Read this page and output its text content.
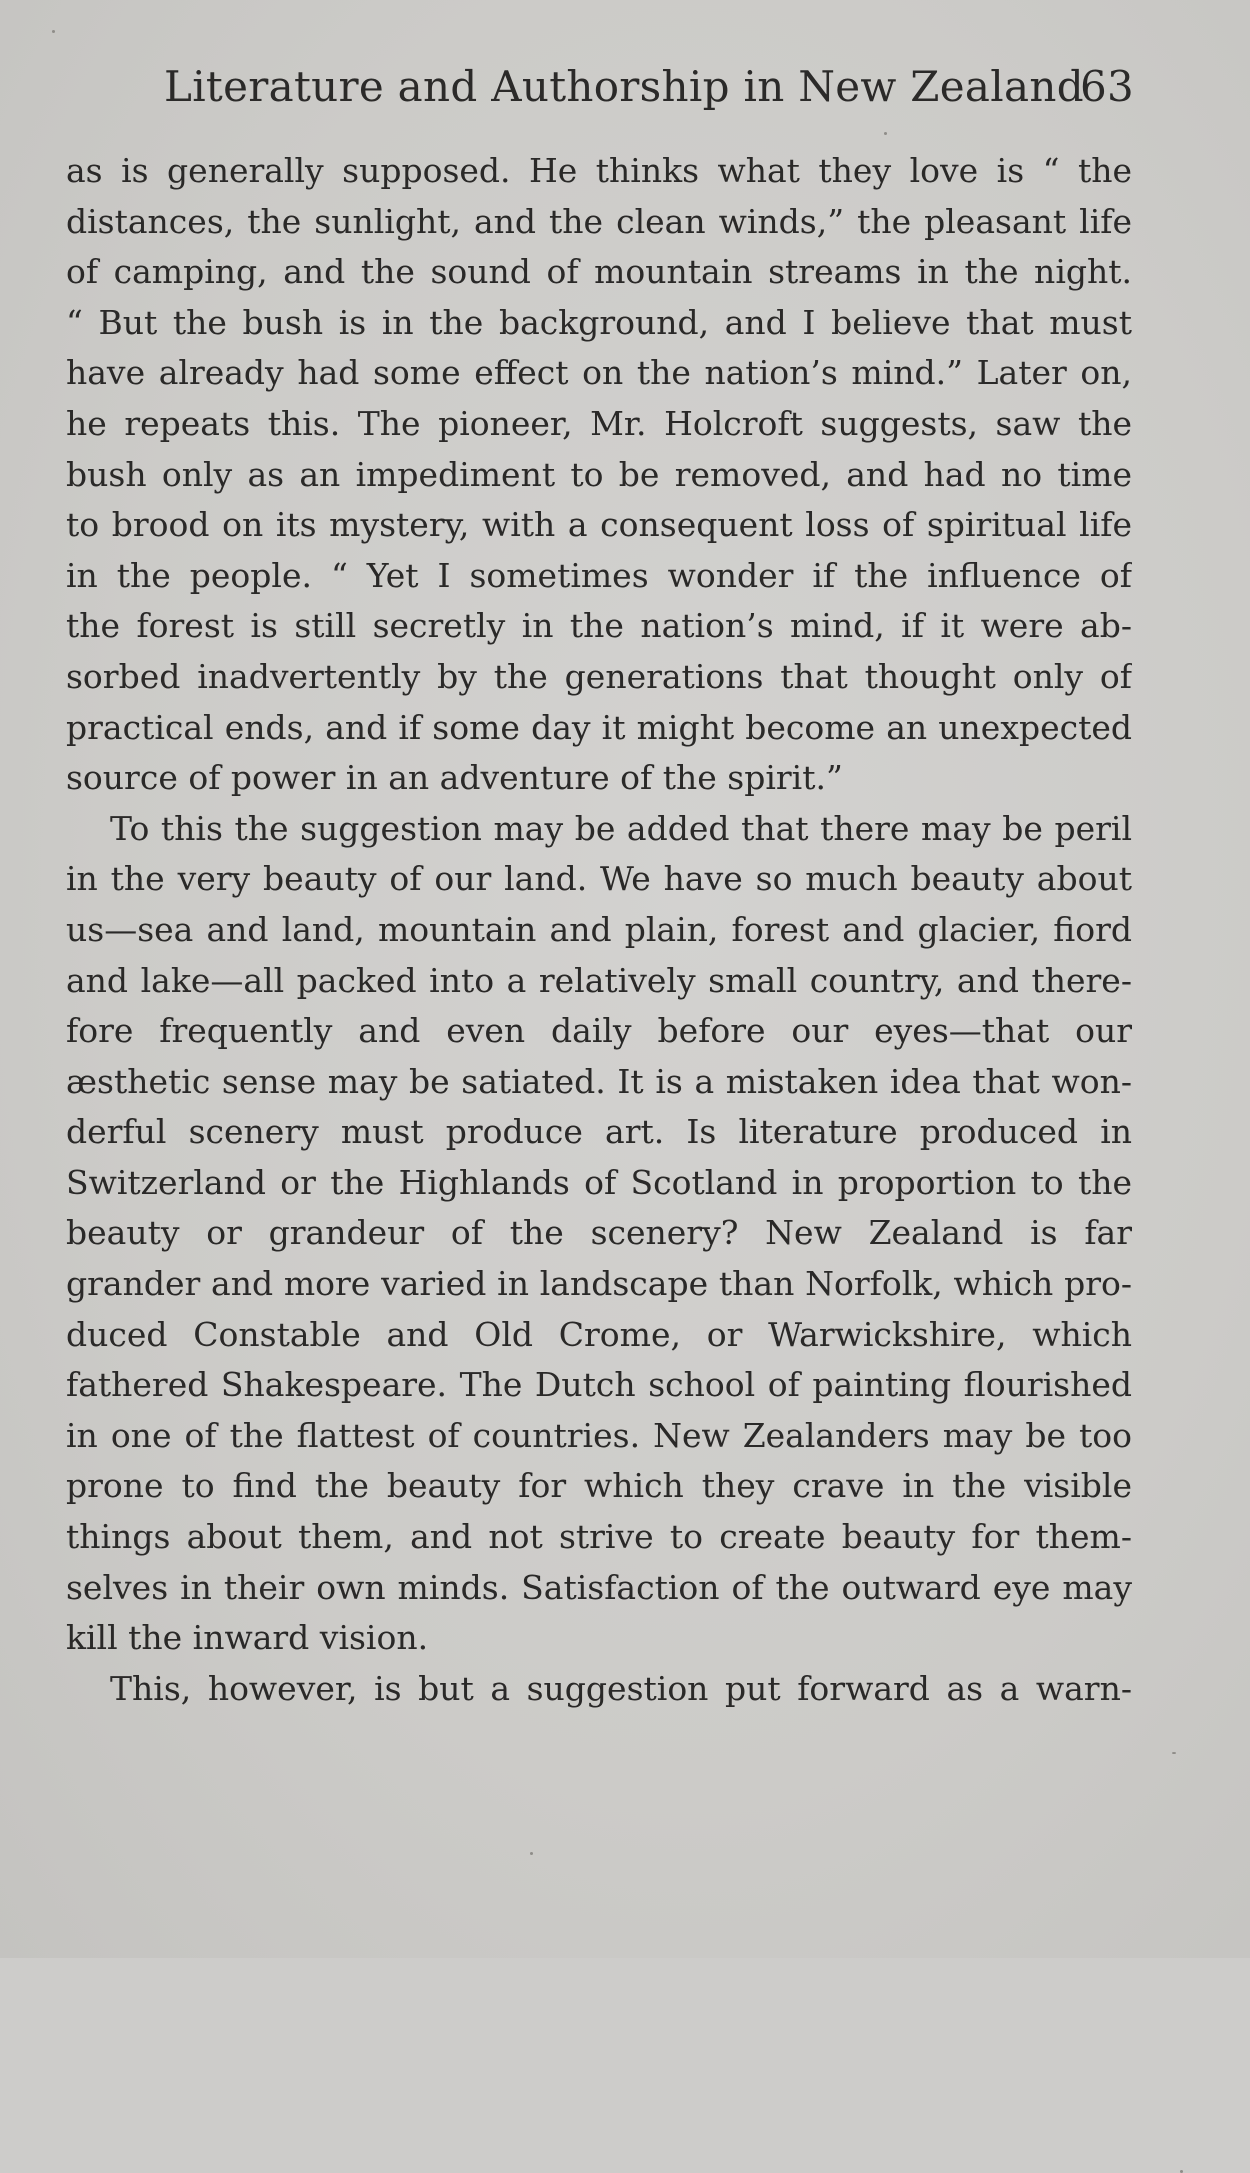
Literature and Authorship in New Zealand
63
as is generally supposed. He thinks what they love is “ the
distances, the sunlight, and the clean winds,” the pleasant life
of camping, and the sound of mountain streams in the night.
“ But the bush is in the background, and I believe that must
have already had some effect on the nation’s mind.” Later on,
he repeats this. The pioneer, Mr. Holcroft suggests, saw the
bush only as an impediment to be removed, and had no time
to brood on its mystery, with a consequent loss of spiritual life
in the people. “ Yet I sometimes wonder if the influence of
the forest is still secretly in the nation’s mind, if it were ab-
sorbed inadvertently by the generations that thought only of
practical ends, and if some day it might become an unexpected
source of power in an adventure of the spirit.”
To this the suggestion may be added that there may be peril
in the very beauty of our land. We have so much beauty about
us—sea and land, mountain and plain, forest and glacier, fiord
and lake—all packed into a relatively small country, and there-
fore frequently and even daily before our eyes—that our
æsthetic sense may be satiated. It is a mistaken idea that won-
derful scenery must produce art. Is literature produced in
Switzerland or the Highlands of Scotland in proportion to the
beauty or grandeur of the scenery? New Zealand is far
grander and more varied in landscape than Norfolk, which pro-
duced Constable and Old Crome, or Warwickshire, which
fathered Shakespeare. The Dutch school of painting flourished
in one of the flattest of countries. New Zealanders may be too
prone to find the beauty for which they crave in the visible
things about them, and not strive to create beauty for them-
selves in their own minds. Satisfaction of the outward eye may
kill the inward vision.
This, however, is but a suggestion put forward as a warn-
